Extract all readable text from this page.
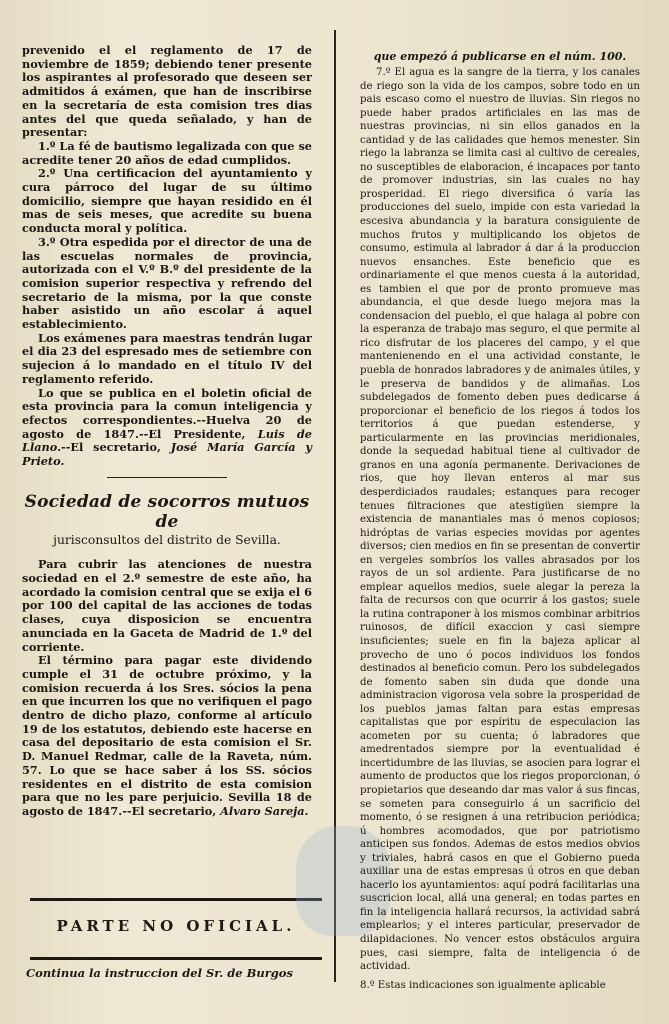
prevenido el el reglamento de 17 de noviembre de 1859; debiendo tener presente los aspirantes al profesorado que deseen ser admitidos á exámen, que han de inscribirse en la secretaría de esta comision tres dias antes del que queda señalado, y han de presentar:

1.º La fé de bautismo legalizada con que se acredite tener 20 años de edad cumplidos.

2.º Una certificacion del ayuntamiento y cura párroco del lugar de su último domicilio, siempre que hayan residido en él mas de seis meses, que acredite su buena conducta moral y política.

3.º Otra espedida por el director de una de las escuelas normales de provincia, autorizada con el V.º B.º del presidente de la comision superior respectiva y refrendo del secretario de la misma, por la que conste haber asistido un año escolar á aquel establecimiento.

Los exámenes para maestras tendrán lugar el dia 23 del espresado mes de setiembre con sujecion á lo mandado en el título IV del reglamento referido.

Lo que se publica en el boletin oficial de esta provincia para la comun inteligencia y efectos correspondientes.--Huelva 20 de agosto de 1847.--El Presidente, Luis de Llano.--El secretario, José María García y Prieto.

Sociedad de socorros mutuos de
jurisconsultos del distrito de Sevilla.

Para cubrir las atenciones de nuestra sociedad en el 2.º semestre de este año, ha acordado la comision central que se exija el 6 por 100 del capital de las acciones de todas clases, cuya disposicion se encuentra anunciada en la Gaceta de Madrid de 1.º del corriente.

El término para pagar este dividendo cumple el 31 de octubre próximo, y la comision recuerda á los Sres. sócios la pena en que incurren los que no verifiquen el pago dentro de dicho plazo, conforme al artículo 19 de los estatutos, debiendo este hacerse en casa del depositario de esta comision el Sr. D. Manuel Redmar, calle de la Raveta, núm. 57. Lo que se hace saber á los SS. sócios residentes en el distrito de esta comision para que no les pare perjuicio. Sevilla 18 de agosto de 1847.--El secretario, Alvaro Sareja.

PARTE NO OFICIAL.
Continua la instruccion del Sr. de Burgos
que empezó á publicarse en el núm. 100.

7.º El agua es la sangre de la tierra, y los canales de riego son la vida de los campos, sobre todo en un pais escaso como el nuestro de lluvias. Sin riegos no puede haber prados artificiales en las mas de nuestras provincias, ni sin ellos ganados en la cantidad y de las calidades que hemos menester. Sin riego la labranza se limita casi al cultivo de cereales, no susceptibles de elaboracion, é incapaces por tanto de promover industrias, sin las cuales no hay prosperidad. El riego diversifica ó varía las producciones del suelo, impide con esta variedad la escesiva abundancia y la baratura consiguiente de muchos frutos y multiplicando los objetos de consumo, estimula al labrador á dar á la produccion nuevos ensanches. Este beneficio que es ordinariamente el que menos cuesta á la autoridad, es tambien el que por de pronto promueve mas abundancia, el que desde luego mejora mas la condensacion del pueblo, el que halaga al pobre con la esperanza de trabajo mas seguro, el que permite al rico disfrutar de los placeres del campo, y el que mantenienendo en el una actividad constante, le puebla de honrados labradores y de animales útiles, y le preserva de bandidos y de alimañas. Los subdelegados de fomento deben pues dedicarse á proporcionar el beneficio de los riegos á todos los territorios á que puedan estenderse, y particularmente en las provincias meridionales, donde la sequedad habitual tiene al cultivador de granos en una agonía permanente. Derivaciones de rios, que hoy llevan enteros al mar sus desperdiciados raudales; estanques para recoger tenues filtraciones que atestigüen siempre la existencia de manantiales mas ó menos copiosos; hidróptas de varias especies movidas por agentes diversos; cien medios en fin se presentan de convertir en vergeles sombríos los valles abrasados por los rayos de un sol ardiente. Para justificarse de no emplear aquellos medios, suele alegar la pereza la falta de recursos con que ocurrir á los gastos; suele la rutina contraponer à los mismos combinar arbitrios ruinosos, de difícil exaccion y casi siempre insuficientes; suele en fin la bajeza aplicar al provecho de uno ó pocos individuos los fondos destinados al beneficio comun. Pero los subdelegados de fomento saben sin duda que donde una administracion vigorosa vela sobre la prosperidad de los pueblos jamas faltan para estas empresas capitalistas que por espíritu de especulacion las acometen por su cuenta; ó labradores que amedrentados siempre por la eventualidad é incertidumbre de las lluvias, se asocien para lograr el aumento de productos que los riegos proporcionan, ó propietarios que deseando dar mas valor á sus fincas, se someten para conseguirlo á un sacrificio del momento, ó se resignen á una retribucion periódica; ú hombres acomodados, que por patriotismo anticipen sus fondos. Ademas de estos medios obvios y triviales, habrá casos en que el Gobierno pueda auxiliar una de estas empresas ú otros en que deban hacerlo los ayuntamientos: aquí podrá facilitarlas una suscricion local, allá una general; en todas partes en fin la inteligencia hallará recursos, la actividad sabrá emplearlos; y el interes particular, preservador de dilapidaciones. No vencer estos obstáculos arguira pues, casi siempre, falta de inteligencia ó de actividad.

8.º Estas indicaciones son igualmente aplicable
